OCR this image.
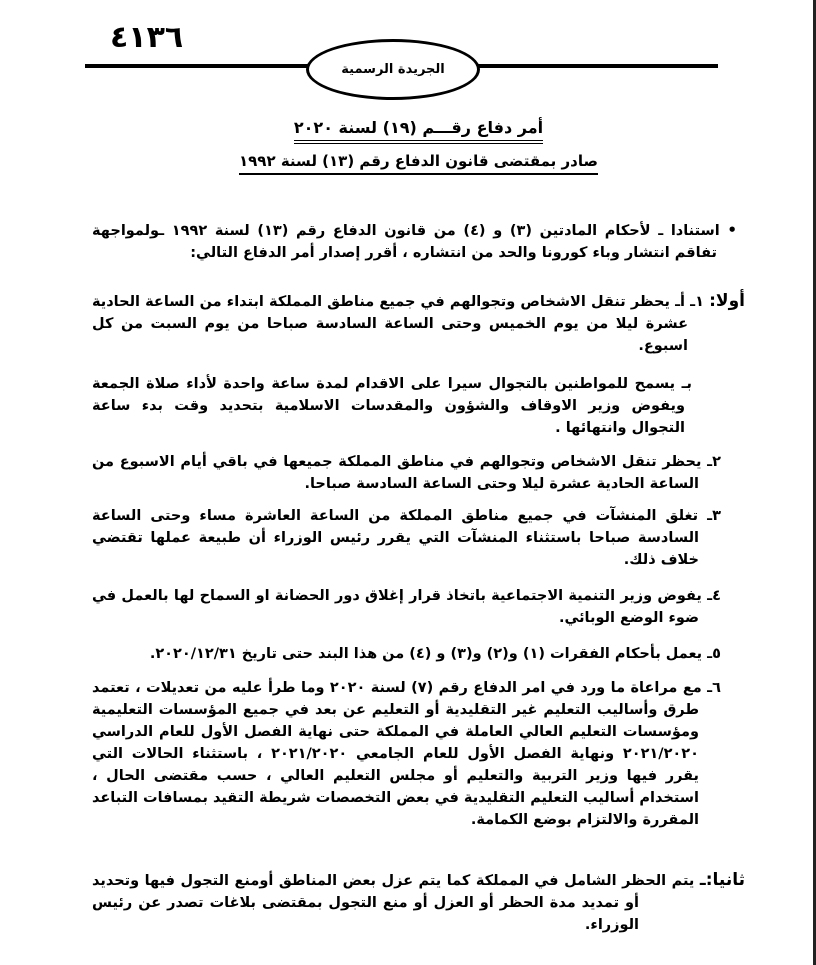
٤١٣٦
الجريدة الرسمية
أمر دفاع رقـــم (١٩) لسنة ٢٠٢٠
صادر بمقتضى قانون الدفاع رقم (١٣) لسنة ١٩٩٢

• استنادا ـ لأحكام المادتين (٣) و (٤) من قانون الدفاع رقم (١٣) لسنة ١٩٩٢ ـولمواجهة تفاقم انتشار وباء كورونا والحد من انتشاره ، أقرر إصدار أمر الدفاع التالي:

أولا: ١ـ أـ يحظر تنقل الاشخاص وتجوالهم في جميع مناطق المملكة ابتداء من الساعة الحادية عشرة ليلا من يوم الخميس وحتى الساعة السادسة صباحا من يوم السبت من كل اسبوع.

بـ يسمح للمواطنين بالتجوال سيرا على الاقدام لمدة ساعة واحدة لأداء صلاة الجمعة ويفوض وزير الاوقاف والشؤون والمقدسات الاسلامية بتحديد وقت بدء ساعة التجوال وانتهائها .

٢ـ يحظر تنقل الاشخاص وتجوالهم في مناطق المملكة جميعها في باقي أيام الاسبوع من الساعة الحادية عشرة ليلا وحتى الساعة السادسة صباحا.

٣ـ تغلق المنشآت في جميع مناطق المملكة من الساعة العاشرة مساء وحتى الساعة السادسة صباحا باستثناء المنشآت التي يقرر رئيس الوزراء أن طبيعة عملها تقتضي خلاف ذلك.

٤ـ يفوض وزير التنمية الاجتماعية باتخاذ قرار إغلاق دور الحضانة او السماح لها بالعمل في ضوء الوضع الوبائي.

٥ـ يعمل بأحكام الفقرات (١) و(٢) و(٣) و (٤) من هذا البند حتى تاريخ ٢٠٢٠/١٢/٣١.

٦ـ مع مراعاة ما ورد في امر الدفاع رقم (٧) لسنة ٢٠٢٠ وما طرأ عليه من تعديلات ، تعتمد طرق وأساليب التعليم غير التقليدية أو التعليم عن بعد في جميع المؤسسات التعليمية ومؤسسات التعليم العالي العاملة في المملكة حتى نهاية الفصل الأول للعام الدراسي ٢٠٢١/٢٠٢٠ ونهاية الفصل الأول للعام الجامعي ٢٠٢١/٢٠٢٠ ، باستثناء الحالات التي يقرر فيها وزير التربية والتعليم أو مجلس التعليم العالي ، حسب مقتضى الحال ، استخدام أساليب التعليم التقليدية في بعض التخصصات شريطة التقيد بمسافات التباعد المقررة والالتزام بوضع الكمامة.

ثانيا:ـ يتم الحظر الشامل في المملكة كما يتم عزل بعض المناطق أومنع التجول فيها وتحديد أو تمديد مدة الحظر أو العزل أو منع التجول بمقتضى بلاغات تصدر عن رئيس الوزراء.
